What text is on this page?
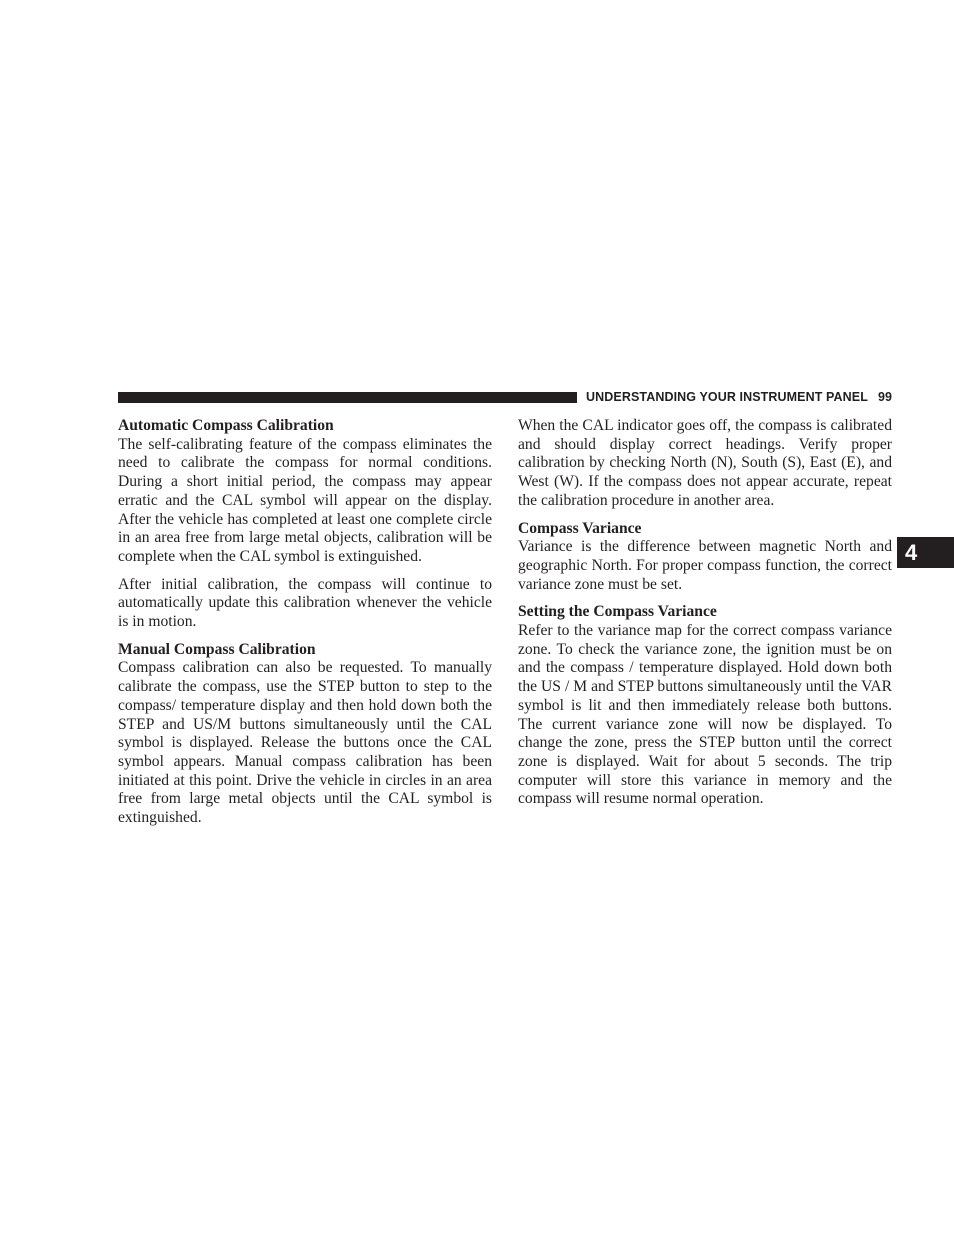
UNDERSTANDING YOUR INSTRUMENT PANEL 99
4
Automatic Compass Calibration

The self-calibrating feature of the compass eliminates the need to calibrate the compass for normal conditions. During a short initial period, the compass may appear erratic and the CAL symbol will appear on the display. After the vehicle has completed at least one complete circle in an area free from large metal objects, calibration will be complete when the CAL symbol is extinguished.

After initial calibration, the compass will continue to automatically update this calibration whenever the vehicle is in motion.

Manual Compass Calibration

Compass calibration can also be requested. To manually calibrate the compass, use the STEP button to step to the compass/ temperature display and then hold down both the STEP and US/M buttons simultaneously until the CAL symbol is displayed. Release the buttons once the CAL symbol appears. Manual compass calibration has been initiated at this point. Drive the vehicle in circles in an area free from large metal objects until the CAL symbol is extinguished.

When the CAL indicator goes off, the compass is calibrated and should display correct headings. Verify proper calibration by checking North (N), South (S), East (E), and West (W). If the compass does not appear accurate, repeat the calibration procedure in another area.

Compass Variance

Variance is the difference between magnetic North and geographic North. For proper compass function, the correct variance zone must be set.

Setting the Compass Variance

Refer to the variance map for the correct compass variance zone. To check the variance zone, the ignition must be on and the compass / temperature displayed. Hold down both the US / M and STEP buttons simultaneously until the VAR symbol is lit and then immediately release both buttons. The current variance zone will now be displayed. To change the zone, press the STEP button until the correct zone is displayed. Wait for about 5 seconds. The trip computer will store this variance in memory and the compass will resume normal operation.
